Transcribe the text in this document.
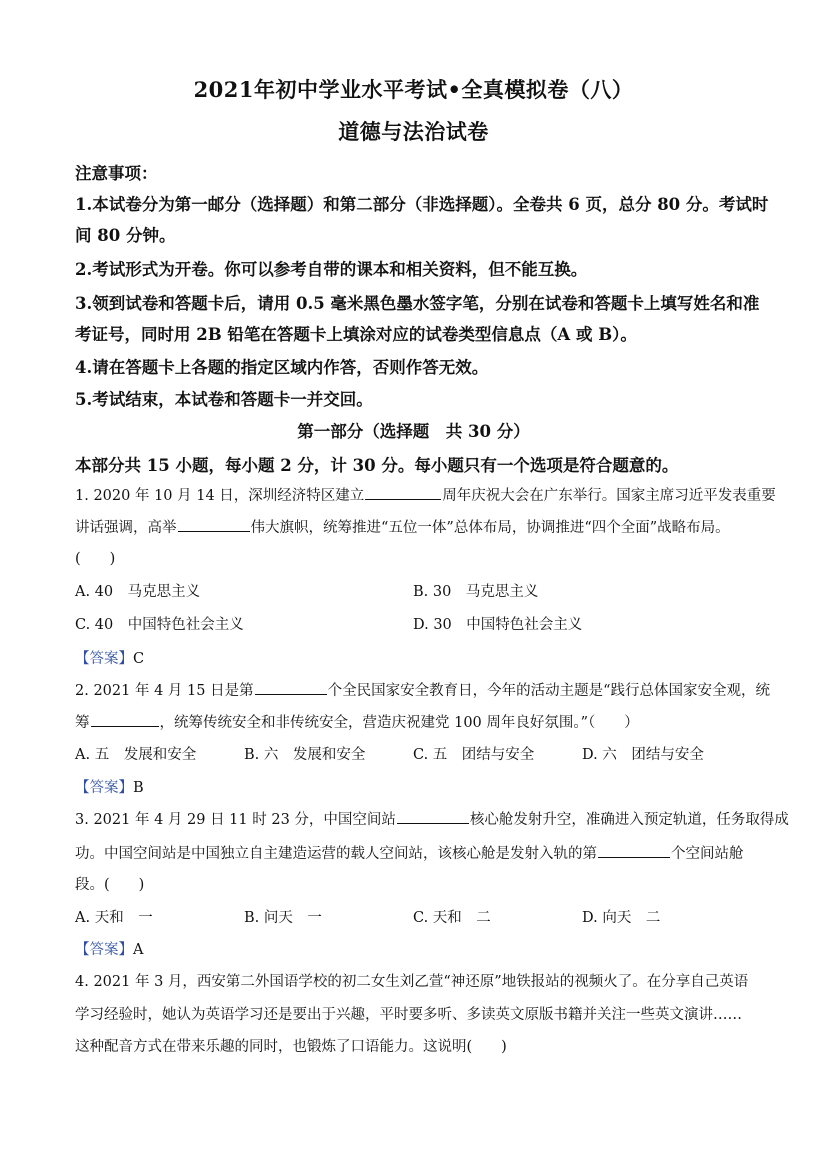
2021年初中学业水平考试•全真模拟卷（八）
道德与法治试卷
注意事项：
1.本试卷分为第一邮分（选择题）和第二部分（非选择题）。全卷共 6 页，总分 80 分。考试时
间 80 分钟。
2.考试形式为开卷。你可以参考自带的课本和相关资料，但不能互换。
3.领到试卷和答题卡后，请用 0.5 毫米黑色墨水签字笔，分别在试卷和答题卡上填写姓名和准
考证号，同时用 2B 铅笔在答题卡上填涂对应的试卷类型信息点（A 或 B）。
4.请在答题卡上各题的指定区域内作答，否则作答无效。
5.考试结束，本试卷和答题卡一并交回。
第一部分（选择题　共 30 分）
本部分共 15 小题，每小题 2 分，计 30 分。每小题只有一个选项是符合题意的。
1. 2020 年 10 月 14 日，深圳经济特区建立	周年庆祝大会在广东举行。国家主席习近平发表重要
讲话强调，高举	伟大旗帜，统筹推进“五位一体”总体布局，协调推进“四个全面”战略布局。
(　　)
A. 40　马克思主义	B. 30　马克思主义
C. 40　中国特色社会主义	D. 30　中国特色社会主义
【答案】C
2. 2021 年 4 月 15 日是第	个全民国家安全教育日，今年的活动主题是“践行总体国家安全观，统
筹	，统筹传统安全和非传统安全，营造庆祝建党 100 周年良好氛围。”（　　）
A. 五　发展和安全	B. 六　发展和安全	C. 五　团结与安全	D. 六　团结与安全
【答案】B
3. 2021 年 4 月 29 日 11 时 23 分，中国空间站	核心舱发射升空，准确进入预定轨道，任务取得成
功。中国空间站是中国独立自主建造运营的载人空间站，该核心舱是发射入轨的第	个空间站舱
段。(　　)
A. 天和　一	B. 问天　一	C. 天和　二	D. 向天　二
【答案】A
4. 2021 年 3 月，西安第二外国语学校的初二女生刘乙萱“神还原”地铁报站的视频火了。在分享自己英语
学习经验时，她认为英语学习还是要出于兴趣，平时要多听、多读英文原版书籍并关注一些英文演讲……
这种配音方式在带来乐趣的同时，也锻炼了口语能力。这说明(　　)
